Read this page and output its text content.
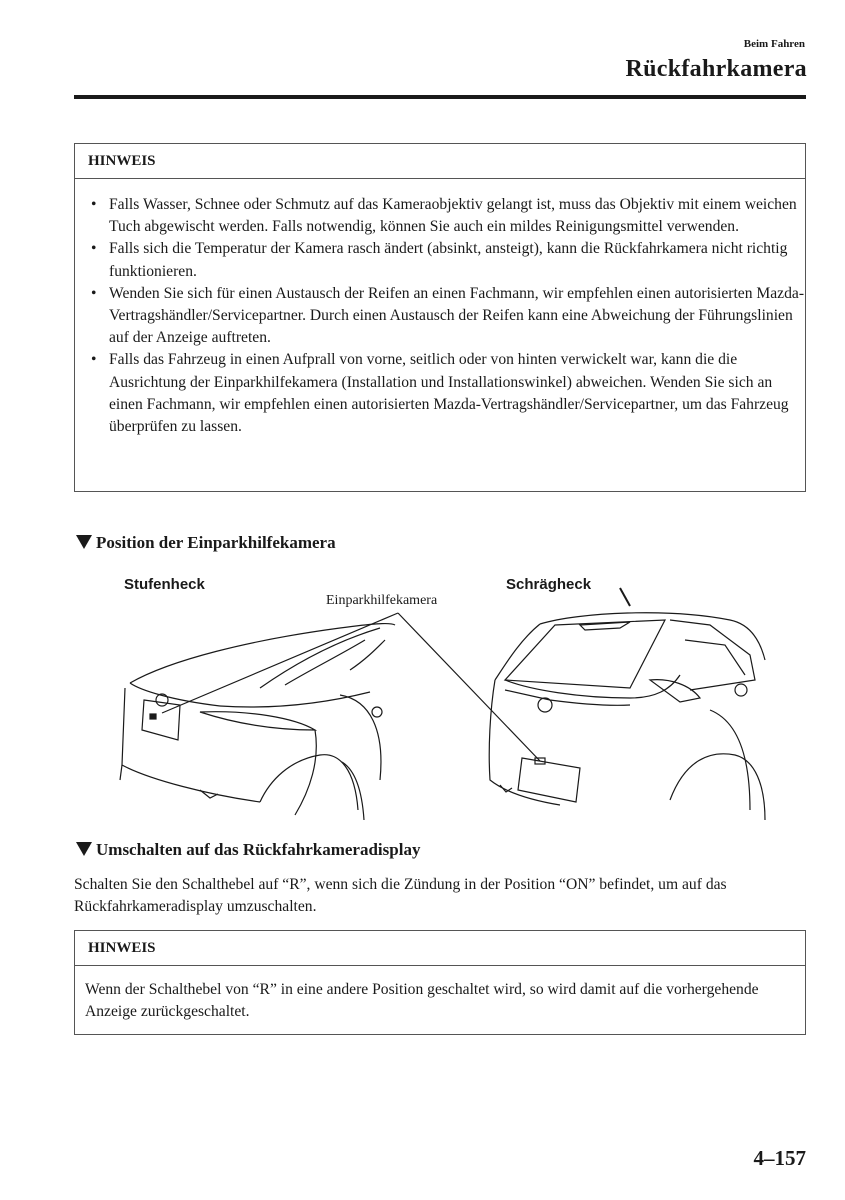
Beim Fahren
Rückfahrkamera
HINWEIS
• Falls Wasser, Schnee oder Schmutz auf das Kameraobjektiv gelangt ist, muss das Objektiv mit einem weichen Tuch abgewischt werden. Falls notwendig, können Sie auch ein mildes Reinigungsmittel verwenden.
• Falls sich die Temperatur der Kamera rasch ändert (absinkt, ansteigt), kann die Rückfahrkamera nicht richtig funktionieren.
• Wenden Sie sich für einen Austausch der Reifen an einen Fachmann, wir empfehlen einen autorisierten Mazda-Vertragshändler/Servicepartner. Durch einen Austausch der Reifen kann eine Abweichung der Führungslinien auf der Anzeige auftreten.
• Falls das Fahrzeug in einen Aufprall von vorne, seitlich oder von hinten verwickelt war, kann die die Ausrichtung der Einparkhilfekamera (Installation und Installationswinkel) abweichen. Wenden Sie sich an einen Fachmann, wir empfehlen einen autorisierten Mazda-Vertragshändler/Servicepartner, um das Fahrzeug überprüfen zu lassen.
Position der Einparkhilfekamera
Stufenheck	Schrägheck
Einparkhilfekamera
Umschalten auf das Rückfahrkameradisplay
Schalten Sie den Schalthebel auf “R”, wenn sich die Zündung in der Position “ON” befindet, um auf das Rückfahrkameradisplay umzuschalten.
HINWEIS
Wenn der Schalthebel von “R” in eine andere Position geschaltet wird, so wird damit auf die vorhergehende Anzeige zurückgeschaltet.
4–157
